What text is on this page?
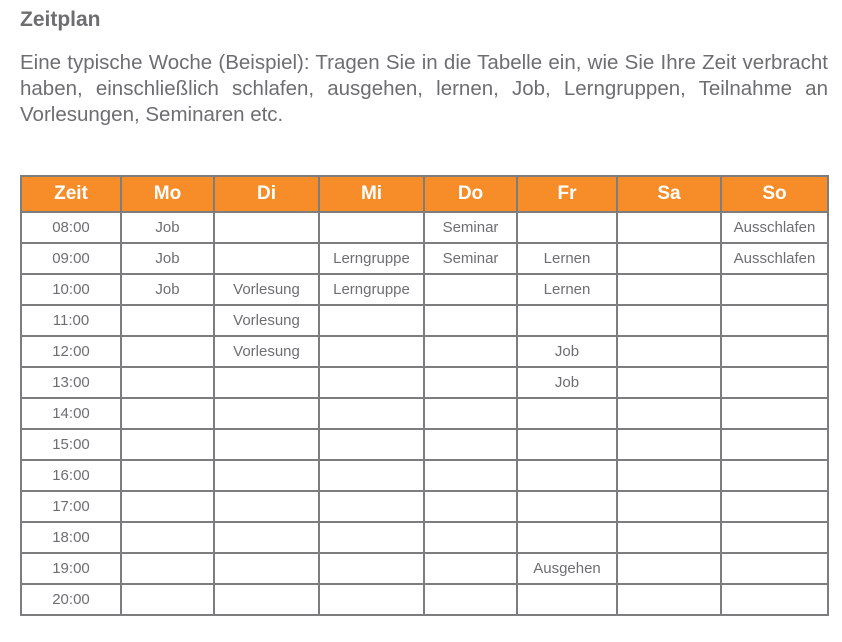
Zeitplan

Eine typische Woche (Beispiel): Tragen Sie in die Tabelle ein, wie Sie Ihre Zeit verbracht haben, einschließlich schlafen, ausgehen, lernen, Job, Lerngruppen, Teilnahme an Vorlesungen, Seminaren etc.

Zeit	Mo	Di	Mi	Do	Fr	Sa	So
08:00	Job			Seminar			Ausschlafen
09:00	Job		Lerngruppe	Seminar	Lernen		Ausschlafen
10:00	Job	Vorlesung	Lerngruppe		Lernen		
11:00		Vorlesung					
12:00		Vorlesung			Job		
13:00					Job		
14:00							
15:00							
16:00							
17:00							
18:00							
19:00					Ausgehen		
20:00							
